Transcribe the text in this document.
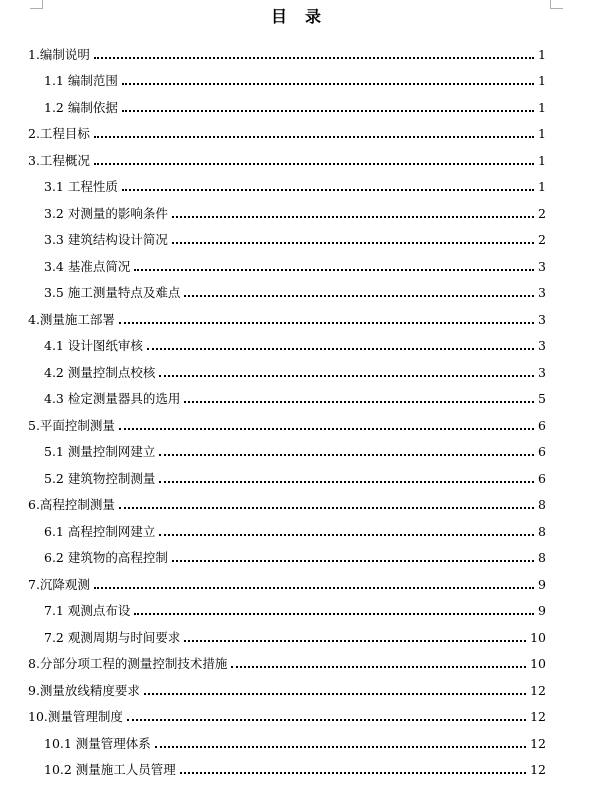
目　录
1.编制说明	1
1.1 编制范围	1
1.2 编制依据	1
2.工程目标	1
3.工程概况	1
3.1 工程性质	1
3.2 对测量的影响条件	2
3.3 建筑结构设计简况	2
3.4 基准点简况	3
3.5 施工测量特点及难点	3
4.测量施工部署	3
4.1 设计图纸审核	3
4.2 测量控制点校核	3
4.3 检定测量器具的选用	5
5.平面控制测量	6
5.1 测量控制网建立	6
5.2 建筑物控制测量	6
6.高程控制测量	8
6.1 高程控制网建立	8
6.2 建筑物的高程控制	8
7.沉降观测	9
7.1 观测点布设	9
7.2 观测周期与时间要求	10
8.分部分项工程的测量控制技术措施	10
9.测量放线精度要求	12
10.测量管理制度	12
10.1 测量管理体系	12
10.2 测量施工人员管理	12
